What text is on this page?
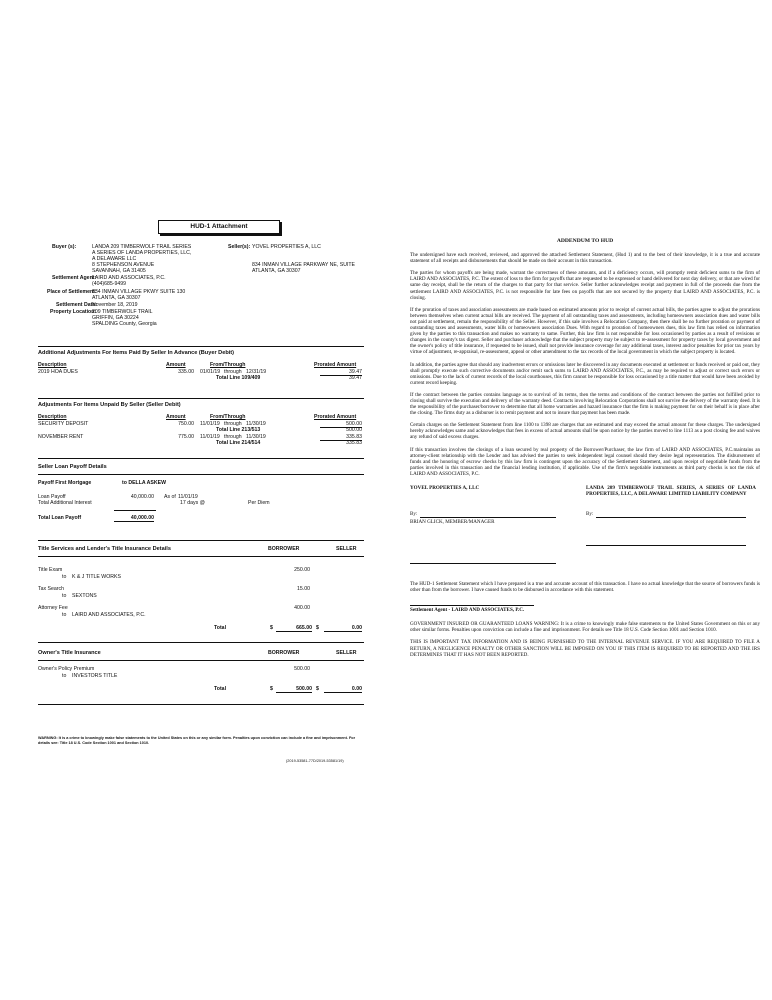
HUD-1 Attachment
Buyer (s):	LANDA 209 TIMBERWOLF TRAIL SERIES
A SERIES OF LANDA PROPERTIES, LLC,
A DELAWARE LLC
8 STEPHENSON AVENUE
SAVANNAH, GA 31405
Seller(s): YOVEL PROPERTIES A, LLC
834 INMAN VILLAGE PARKWAY NE, SUITE
ATLANTA, GA 30307
Settlement Agent:
LAIRD AND ASSOCIATES, P.C.
(404)685-9499
Place of Settlement:
834 INMAN VILLAGE PKWY SUITE 130
ATLANTA, GA 30307
Settlement Date:
November 18, 2019
Property Location:
209 TIMBERWOLF TRAIL
GRIFFIN, GA 30224
SPALDING County, Georgia
Additional Adjustments For Items Paid By Seller In Advance (Buyer Debit)
Description	Amount	From/Through	Prorated Amount
2019 HOA DUES	335.00 01/01/19 through 12/31/19	39.47
Total Line 109/409	39.47
Adjustments For Items Unpaid By Seller (Seller Debit)
Description	Amount	From/Through	Prorated Amount
SECURITY DEPOSIT	750.00 11/01/19 through 11/30/19	500.00
Total Line 213/513	500.00
NOVEMBER RENT	775.00 11/01/19 through 11/30/19	335.83
Total Line 214/514	335.83
Seller Loan Payoff Details
Payoff First Mortgage	to DELLA ASKEW
Loan Payoff	40,000.00 As of 11/01/19
Total Additional Interest	17 days @	Per Diem
Total Loan Payoff	40,000.00
Title Services and Lender's Title Insurance Details	BORROWER	SELLER
Title Exam
to K & J TITLE WORKS
250.00
Tax Search
to SEXTONS
15.00
Attorney Fee
to LAIRD AND ASSOCIATES, P.C.
400.00
Total	$	665.00 $	0.00
Owner's Title Insurance	BORROWER	SELLER
Owner's Policy Premium
to INVESTORS TITLE
500.00
Total	$	500.00 $	0.00
WARNING: It is a crime to knowingly make false statements to the United States on this or any similar form. Penalties upon conviction can include a fine and imprisonment. For details see: Title 18 U.S. Code Section 1001 and Section 1010.
(2019-53581-77D/2019-53581/19)
ADDENDUM TO HUD

The undersigned have each received, reviewed, and approved the attached Settlement Statement, (Hud 1) and to the best of their knowledge, it is a true and accurate statement of all receipts and disbursements that should be made on their account in this transaction.

The parties for whom payoffs are being made, warrant the correctness of these amounts, and if a deficiency occurs, will promptly remit deficient sums to the firm of LAIRD AND ASSOCIATES, P.C. The extent of loss to the firm for payoffs that are requested to be expressed or hand delivered for next day delivery, or that are wired for same day receipt, shall be the return of the charges to that party for that service. Seller further acknowledges receipt and payment in full of the proceeds due from the settlement LAIRD AND ASSOCIATES, P.C. is not responsible for late fees on payoffs that are not secured by the property that LAIRD AND ASSOCIATES, P.C. is closing.

If the proration of taxes and association assessments are made based on estimated amounts prior to receipt of current actual bills, the parties agree to adjust the prorations between themselves when current actual bills are received. The payment of all outstanding taxes and assessments, including homeowners association dues and water bills not paid at settlement, remain the responsibility of the Seller. However, if this sale involves a Relocation Company, then there shall be no further proration or payment of outstanding taxes and assessments, water bills or homeowners association Dues. With regard to proration of homeowners dues, this law firm has relied on information given by the parties to this transaction and makes no warranty to same. Further, this law firm is not responsible for loss occasioned by parties as a result of revisions or changes in the county's tax digest. Seller and purchaser acknowledge that the subject property may be subject to re-assessment for property taxes by local government and the owner's policy of title insurance, if requested to be issued, shall not provide insurance coverage for any additional taxes, interest and/or penalties for prior tax years by virtue of adjustment, re-appraisal, re-assessment, appeal or other amendment to the tax records of the local government in which the subject property is located.

In addition, the parties agree that should any inadvertent errors or omissions later be discovered in any documents executed at settlement or funds received or paid out, they shall promptly execute such corrective documents and/or remit such sums to LAIRD AND ASSOCIATES, P.C., as may be required to adjust or correct such errors or omissions. Due to the lack of current records of the local courthouses, this firm cannot be responsible for loss occasioned by a title matter that would have been avoided by current record keeping.

If the contract between the parties contains language as to survival of its terms, then the terms and conditions of the contract between the parties not fulfilled prior to closing shall survive the execution and delivery of the warranty deed. Contracts involving Relocation Corporations shall not survive the delivery of the warranty deed. It is the responsibility of the purchaser/borrower to determine that all home warranties and hazard insurance that the firm is making payment for on their behalf is in place after the closing. The firms duty as a disburser is to remit payment and not to insure that payment has been made.

Certain charges on the Settlement Statement from line 1100 to 1398 are charges that are estimated and may exceed the actual amount for these charges. The undersigned hereby acknowledges same and acknowledges that fees in excess of actual amounts shall be upon notice by the parties moved to line 1113 as a post closing fee and waives any refund of said excess charges.

If this transaction involves the closings of a loan secured by real property of the Borrower/Purchaser, the law firm of LAIRD AND ASSOCIATES, P.C.maintains an attorney-client relationship with the Lender and has advised the parties to seek independent legal counsel should they desire legal representation. The disbursement of funds and the honoring of escrow checks by this law firm is contingent upon the accuracy of the Settlement Statement, and upon receipt of negotiable funds from the parties involved in this transaction and the financial lending institution, if applicable. Use of the firm's negotiable instruments as third party checks is not the risk of LAIRD AND ASSOCIATES, P.C.

YOVEL PROPERTIES A, LLC	LANDA 209 TIMBERWOLF TRAIL SERIES, A SERIES OF LANDA PROPERTIES, LLC, A DELAWARE LIMITED LIABILITY COMPANY
By:
BRIAN GLICK, MEMBER/MANAGER
By:

The HUD-1 Settlement Statement which I have prepared is a true and accurate account of this transaction. I have no actual knowledge that the source of borrowers funds is other than from the borrower. I have caused funds to be disbursed in accordance with this statement.

Settlement Agent - LAIRD AND ASSOCIATES, P.C.

GOVERNMENT INSURED OR GUARANTEED LOANS WARNING: It is a crime to knowingly make false statements to the United States Government on this or any other similar forms. Penalties upon conviction can include a fine and imprisonment. For details see Title 18 U.S. Code Section 1001 and Section 1010.

THIS IS IMPORTANT TAX INFORMATION AND IS BEING FURNISHED TO THE INTERNAL REVENUE SERVICE. IF YOU ARE REQUIRED TO FILE A RETURN, A NEGLIGENCE PENALTY OR OTHER SANCTION WILL BE IMPOSED ON YOU IF THIS ITEM IS REQUIRED TO BE REPORTED AND THE IRS DETERMINES THAT IT HAS NOT BEEN REPORTED.
